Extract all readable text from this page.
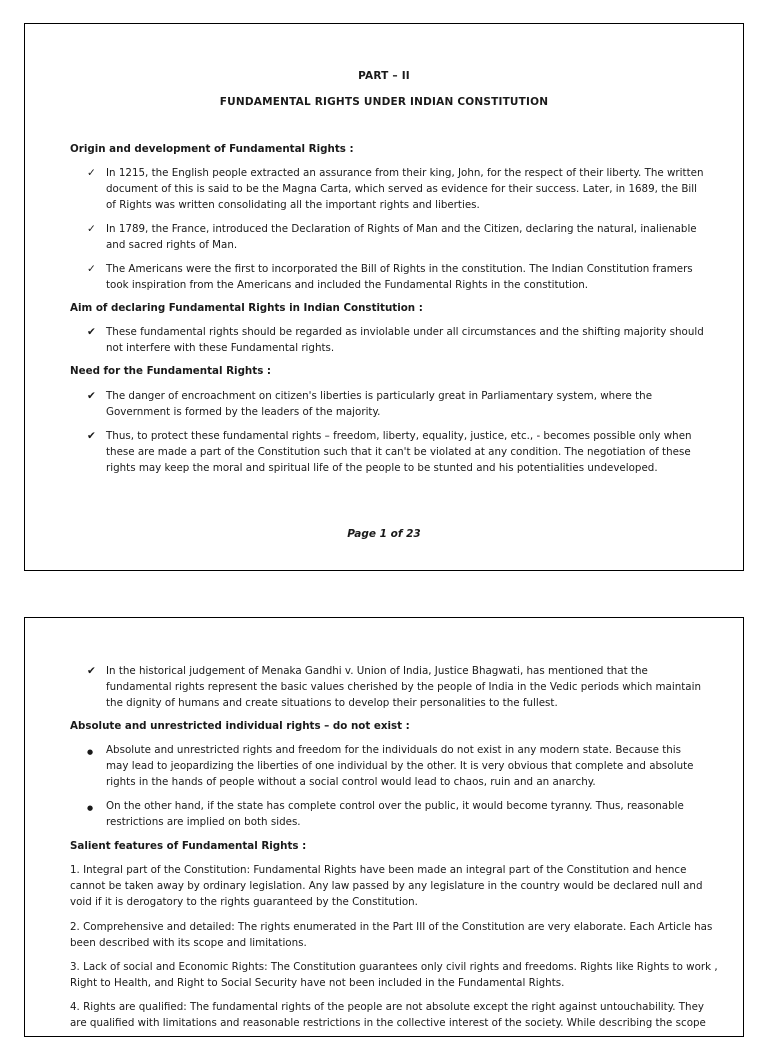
PART – II
FUNDAMENTAL RIGHTS UNDER INDIAN CONSTITUTION
Origin and development of Fundamental Rights :
✓ In 1215, the English people extracted an assurance from their king, John, for the respect of their liberty. The written document of this is said to be the Magna Carta, which served as evidence for their success. Later, in 1689, the Bill of Rights was written consolidating all the important rights and liberties.
✓ In 1789, the France, introduced the Declaration of Rights of Man and the Citizen, declaring the natural, inalienable and sacred rights of Man.
✓ The Americans were the first to incorporated the Bill of Rights in the constitution. The Indian Constitution framers took inspiration from the Americans and included the Fundamental Rights in the constitution.
Aim of declaring Fundamental Rights in Indian Constitution :
✔ These fundamental rights should be regarded as inviolable under all circumstances and the shifting majority should not interfere with these Fundamental rights.
Need for the Fundamental Rights :
✔ The danger of encroachment on citizen's liberties is particularly great in Parliamentary system, where the Government is formed by the leaders of the majority.
✔ Thus, to protect these fundamental rights – freedom, liberty, equality, justice, etc., - becomes possible only when these are made a part of the Constitution such that it can't be violated at any condition. The negotiation of these rights may keep the moral and spiritual life of the people to be stunted and his potentialities undeveloped.
Page 1 of 23
✔ In the historical judgement of Menaka Gandhi v. Union of India, Justice Bhagwati, has mentioned that the fundamental rights represent the basic values cherished by the people of India in the Vedic periods which maintain the dignity of humans and create situations to develop their personalities to the fullest.
Absolute and unrestricted individual rights – do not exist :
●	Absolute and unrestricted rights and freedom for the individuals do not exist in any modern state. Because this may lead to jeopardizing the liberties of one individual by the other. It is very obvious that complete and absolute rights in the hands of people without a social control would lead to chaos, ruin and an anarchy.
●	On the other hand, if the state has complete control over the public, it would become tyranny. Thus, reasonable restrictions are implied on both sides.
Salient features of Fundamental Rights :
1. Integral part of the Constitution: Fundamental Rights have been made an integral part of the Constitution and hence cannot be taken away by ordinary legislation. Any law passed by any legislature in the country would be declared null and void if it is derogatory to the rights guaranteed by the Constitution.
2. Comprehensive and detailed: The rights enumerated in the Part III of the Constitution are very elaborate. Each Article has been described with its scope and limitations.
3. Lack of social and Economic Rights: The Constitution guarantees only civil rights and freedoms. Rights like Rights to work , Right to Health, and Right to Social Security have not been included in the Fundamental Rights.
4. Rights are qualified: The fundamental rights of the people are not absolute except the right against untouchability. They are qualified with limitations and reasonable restrictions in the collective interest of the society. While describing the scope
